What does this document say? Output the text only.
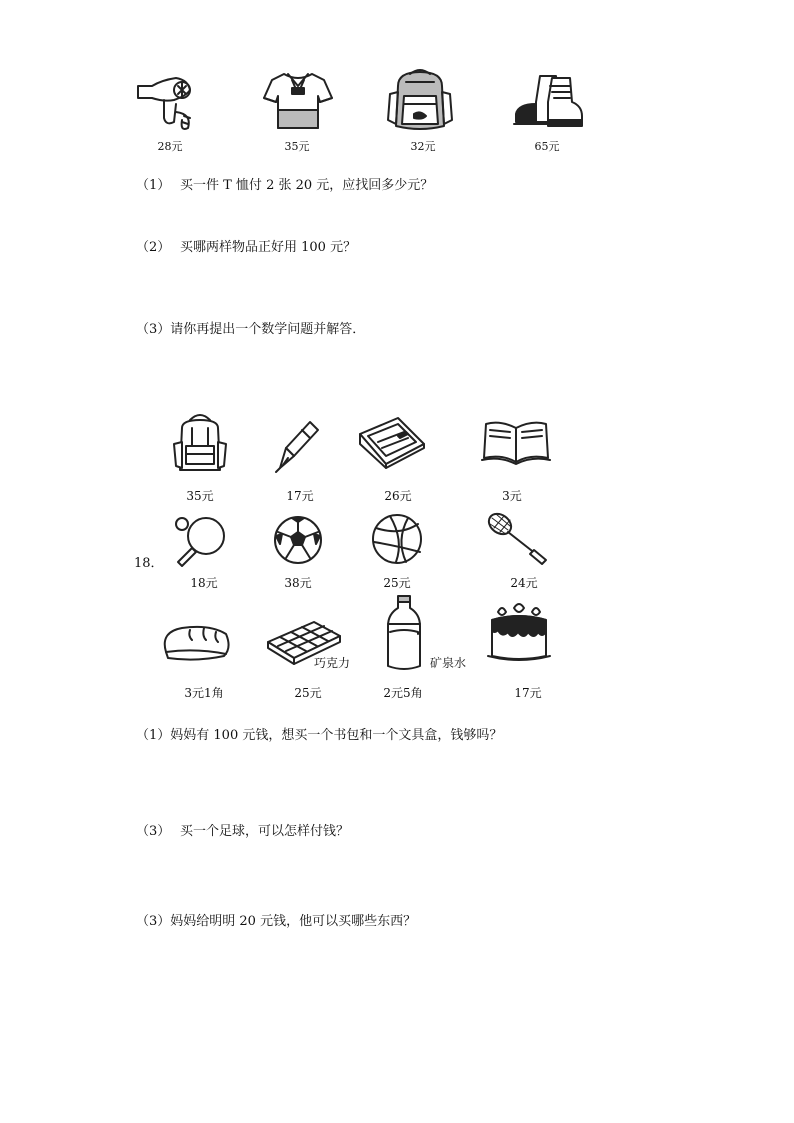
28元	35元	32元	65元
（1） 买一件 T 恤付 2 张 20 元，应找回多少元？
（2） 买哪两样物品正好用 100 元？
（3）请你再提出一个数学问题并解答．
18．
35元	17元	26元	3元
18元	38元	25元	24元
3元1角
巧克力
25元
矿泉水
2元5角	17元
（1）妈妈有 100 元钱，想买一个书包和一个文具盒，钱够吗？
（3） 买一个足球，可以怎样付钱？
（3）妈妈给明明 20 元钱，他可以买哪些东西？
